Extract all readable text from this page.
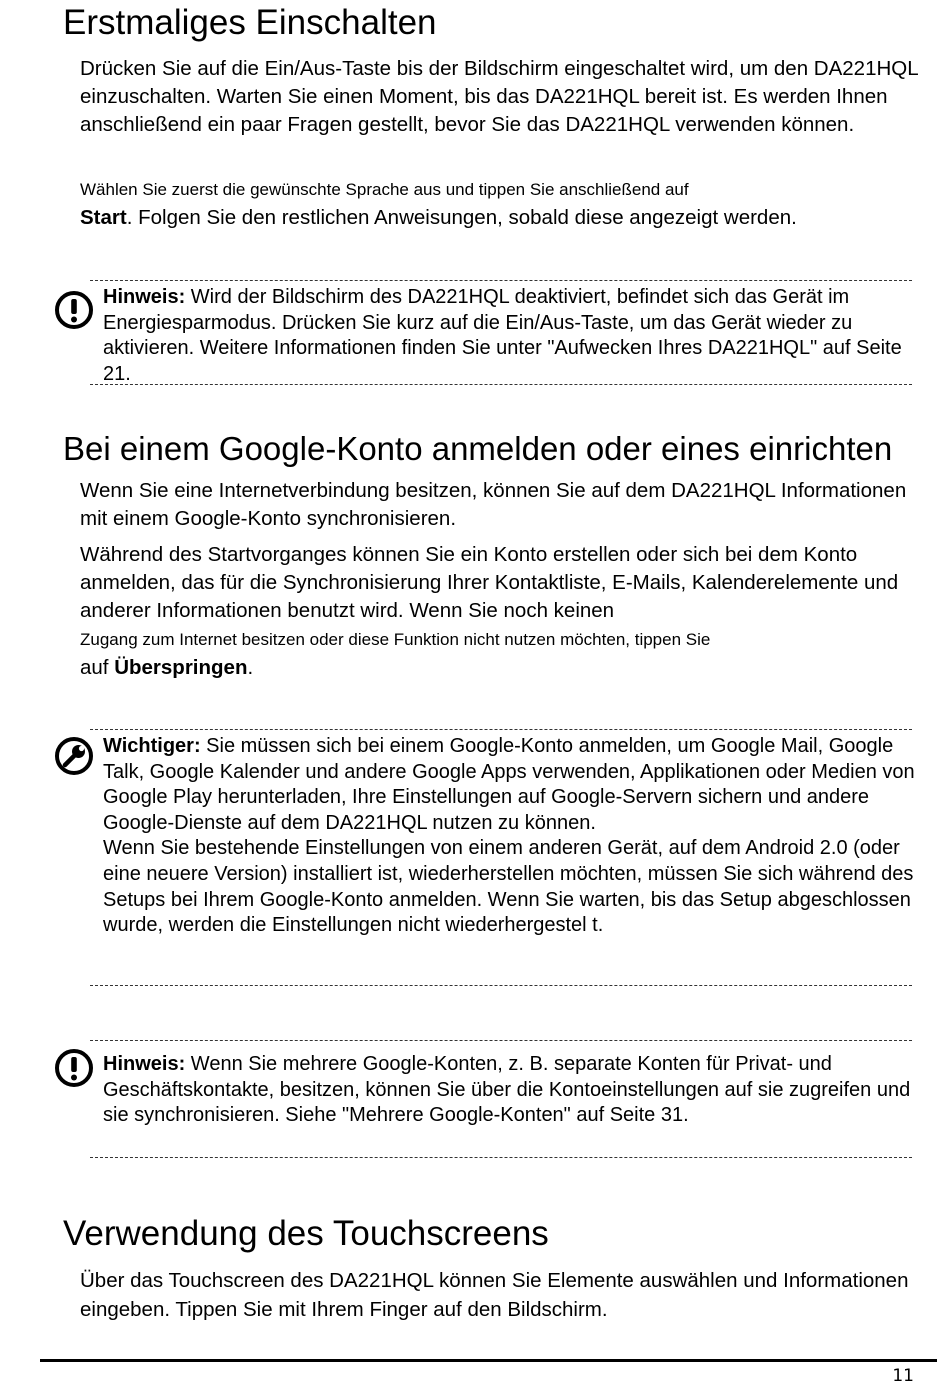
Erstmaliges Einschalten

Drücken Sie auf die Ein/Aus-Taste bis der Bildschirm eingeschaltet wird, um den DA221HQL einzuschalten. Warten Sie einen Moment, bis das DA221HQL bereit ist. Es werden Ihnen anschließend ein paar Fragen gestellt, bevor Sie das DA221HQL verwenden können.

Wählen Sie zuerst die gewünschte Sprache aus und tippen Sie anschließend auf
Start. Folgen Sie den restlichen Anweisungen, sobald diese angezeigt werden.

Hinweis: Wird der Bildschirm des DA221HQL deaktiviert, befindet sich das Gerät im Energiesparmodus. Drücken Sie kurz auf die Ein/Aus-Taste, um das Gerät wieder zu aktivieren. Weitere Informationen finden Sie unter "Aufwecken Ihres DA221HQL" auf Seite 21.

Bei einem Google-Konto anmelden oder eines einrichten

Wenn Sie eine Internetverbindung besitzen, können Sie auf dem DA221HQL Informationen mit einem Google-Konto synchronisieren.

Während des Startvorganges können Sie ein Konto erstellen oder sich bei dem Konto anmelden, das für die Synchronisierung Ihrer Kontaktliste, E-Mails, Kalenderelemente und anderer Informationen benutzt wird. Wenn Sie noch keinen

Zugang zum Internet besitzen oder diese Funktion nicht nutzen möchten, tippen Sie
auf Überspringen.

Wichtiger: Sie müssen sich bei einem Google-Konto anmelden, um Google Mail, Google Talk, Google Kalender und andere Google Apps verwenden, Applikationen oder Medien von Google Play herunterladen, Ihre Einstellungen auf Google-Servern sichern und andere Google-Dienste auf dem DA221HQL nutzen zu können.
Wenn Sie bestehende Einstellungen von einem anderen Gerät, auf dem Android 2.0 (oder eine neuere Version) installiert ist, wiederherstellen möchten, müssen Sie sich während des Setups bei Ihrem Google-Konto anmelden. Wenn Sie warten, bis das Setup abgeschlossen wurde, werden die Einstellungen nicht wiederhergestel t.

Hinweis: Wenn Sie mehrere Google-Konten, z. B. separate Konten für Privat- und Geschäftskontakte, besitzen, können Sie über die Kontoeinstellungen auf sie zugreifen und sie synchronisieren. Siehe "Mehrere Google-Konten" auf Seite 31.

Verwendung des Touchscreens

Über das Touchscreen des DA221HQL können Sie Elemente auswählen und Informationen eingeben. Tippen Sie mit Ihrem Finger auf den Bildschirm.

11
